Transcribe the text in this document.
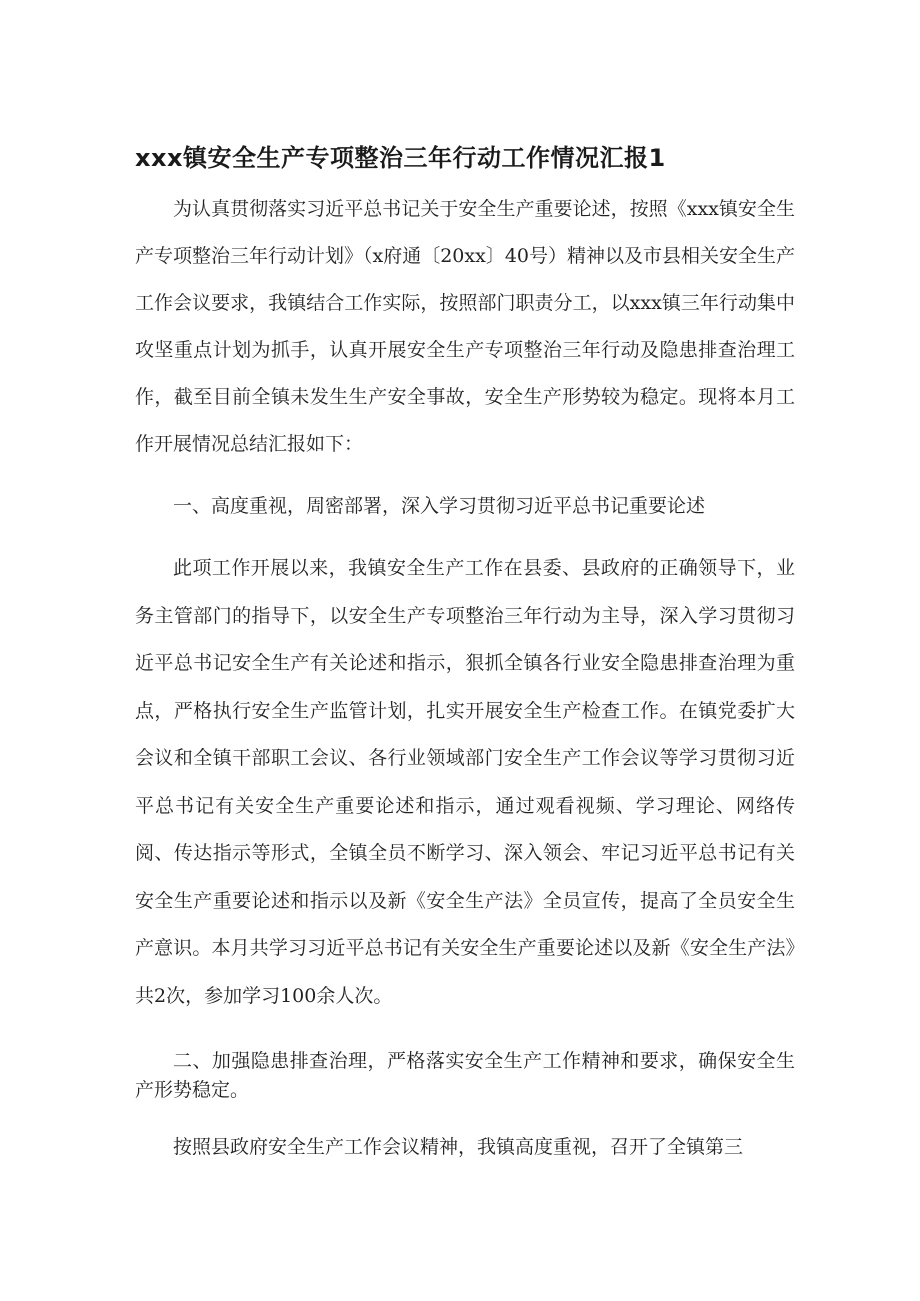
xxx镇安全生产专项整治三年行动工作情况汇报1

为认真贯彻落实习近平总书记关于安全生产重要论述，按照《xxx镇安全生产专项整治三年行动计划》（x府通〔20xx〕40号）精神以及市县相关安全生产工作会议要求，我镇结合工作实际，按照部门职责分工，以xxx镇三年行动集中攻坚重点计划为抓手，认真开展安全生产专项整治三年行动及隐患排查治理工作，截至目前全镇未发生生产安全事故，安全生产形势较为稳定。现将本月工作开展情况总结汇报如下：

一、高度重视，周密部署，深入学习贯彻习近平总书记重要论述

此项工作开展以来，我镇安全生产工作在县委、县政府的正确领导下，业务主管部门的指导下，以安全生产专项整治三年行动为主导，深入学习贯彻习近平总书记安全生产有关论述和指示，狠抓全镇各行业安全隐患排查治理为重点，严格执行安全生产监管计划，扎实开展安全生产检查工作。在镇党委扩大会议和全镇干部职工会议、各行业领域部门安全生产工作会议等学习贯彻习近平总书记有关安全生产重要论述和指示，通过观看视频、学习理论、网络传阅、传达指示等形式，全镇全员不断学习、深入领会、牢记习近平总书记有关安全生产重要论述和指示以及新《安全生产法》全员宣传，提高了全员安全生产意识。本月共学习习近平总书记有关安全生产重要论述以及新《安全生产法》共2次，参加学习100余人次。

二、加强隐患排查治理，严格落实安全生产工作精神和要求，确保安全生产形势稳定。

按照县政府安全生产工作会议精神，我镇高度重视，召开了全镇第三
